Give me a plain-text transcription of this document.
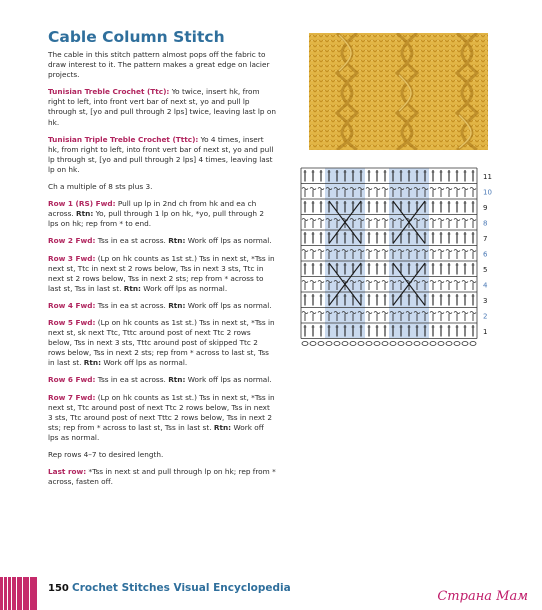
Cable Column Stitch

The cable in this stitch pattern almost pops off the fabric to draw interest to it. The pattern makes a great edge on lacier projects.

Tunisian Treble Crochet (Ttc): Yo twice, insert hk, from right to left, into front vert bar of next st, yo and pull lp through st, [yo and pull through 2 lps] twice, leaving last lp on hk.

Tunisian Triple Treble Crochet (Tttc): Yo 4 times, insert hk, from right to left, into front vert bar of next st, yo and pull lp through st, [yo and pull through 2 lps] 4 times, leaving last lp on hk.

Ch a multiple of 8 sts plus 3.

Row 1 (RS) Fwd: Pull up lp in 2nd ch from hk and ea ch across. Rtn: Yo, pull through 1 lp on hk, *yo, pull through 2 lps on hk; rep from * to end.

Row 2 Fwd: Tss in ea st across. Rtn: Work off lps as normal.

Row 3 Fwd: (Lp on hk counts as 1st st.) Tss in next st, *Tss in next st, Ttc in next st 2 rows below, Tss in next 3 sts, Ttc in next st 2 rows below, Tss in next 2 sts; rep from * across to last st, Tss in last st. Rtn: Work off lps as normal.

Row 4 Fwd: Tss in ea st across. Rtn: Work off lps as normal.

Row 5 Fwd: (Lp on hk counts as 1st st.) Tss in next st, *Tss in next st, sk next Ttc, Tttc around post of next Ttc 2 rows below, Tss in next 3 sts, Tttc around post of skipped Ttc 2 rows below, Tss in next 2 sts; rep from * across to last st, Tss in last st. Rtn: Work off lps as normal.

Row 6 Fwd: Tss in ea st across. Rtn: Work off lps as normal.

Row 7 Fwd: (Lp on hk counts as 1st st.) Tss in next st, *Tss in next st, Ttc around post of next Ttc 2 rows below, Tss in next 3 sts, Ttc around post of next Tttc 2 rows below, Tss in next 2 sts; rep from * across to last st, Tss in last st. Rtn: Work off lps as normal.

Rep rows 4–7 to desired length.

Last row: *Tss in next st and pull through lp on hk; rep from * across, fasten off.

11
10
9
8
7
6
5
4
3
2
1
150 Crochet Stitches Visual Encyclopedia
Страна Мам
